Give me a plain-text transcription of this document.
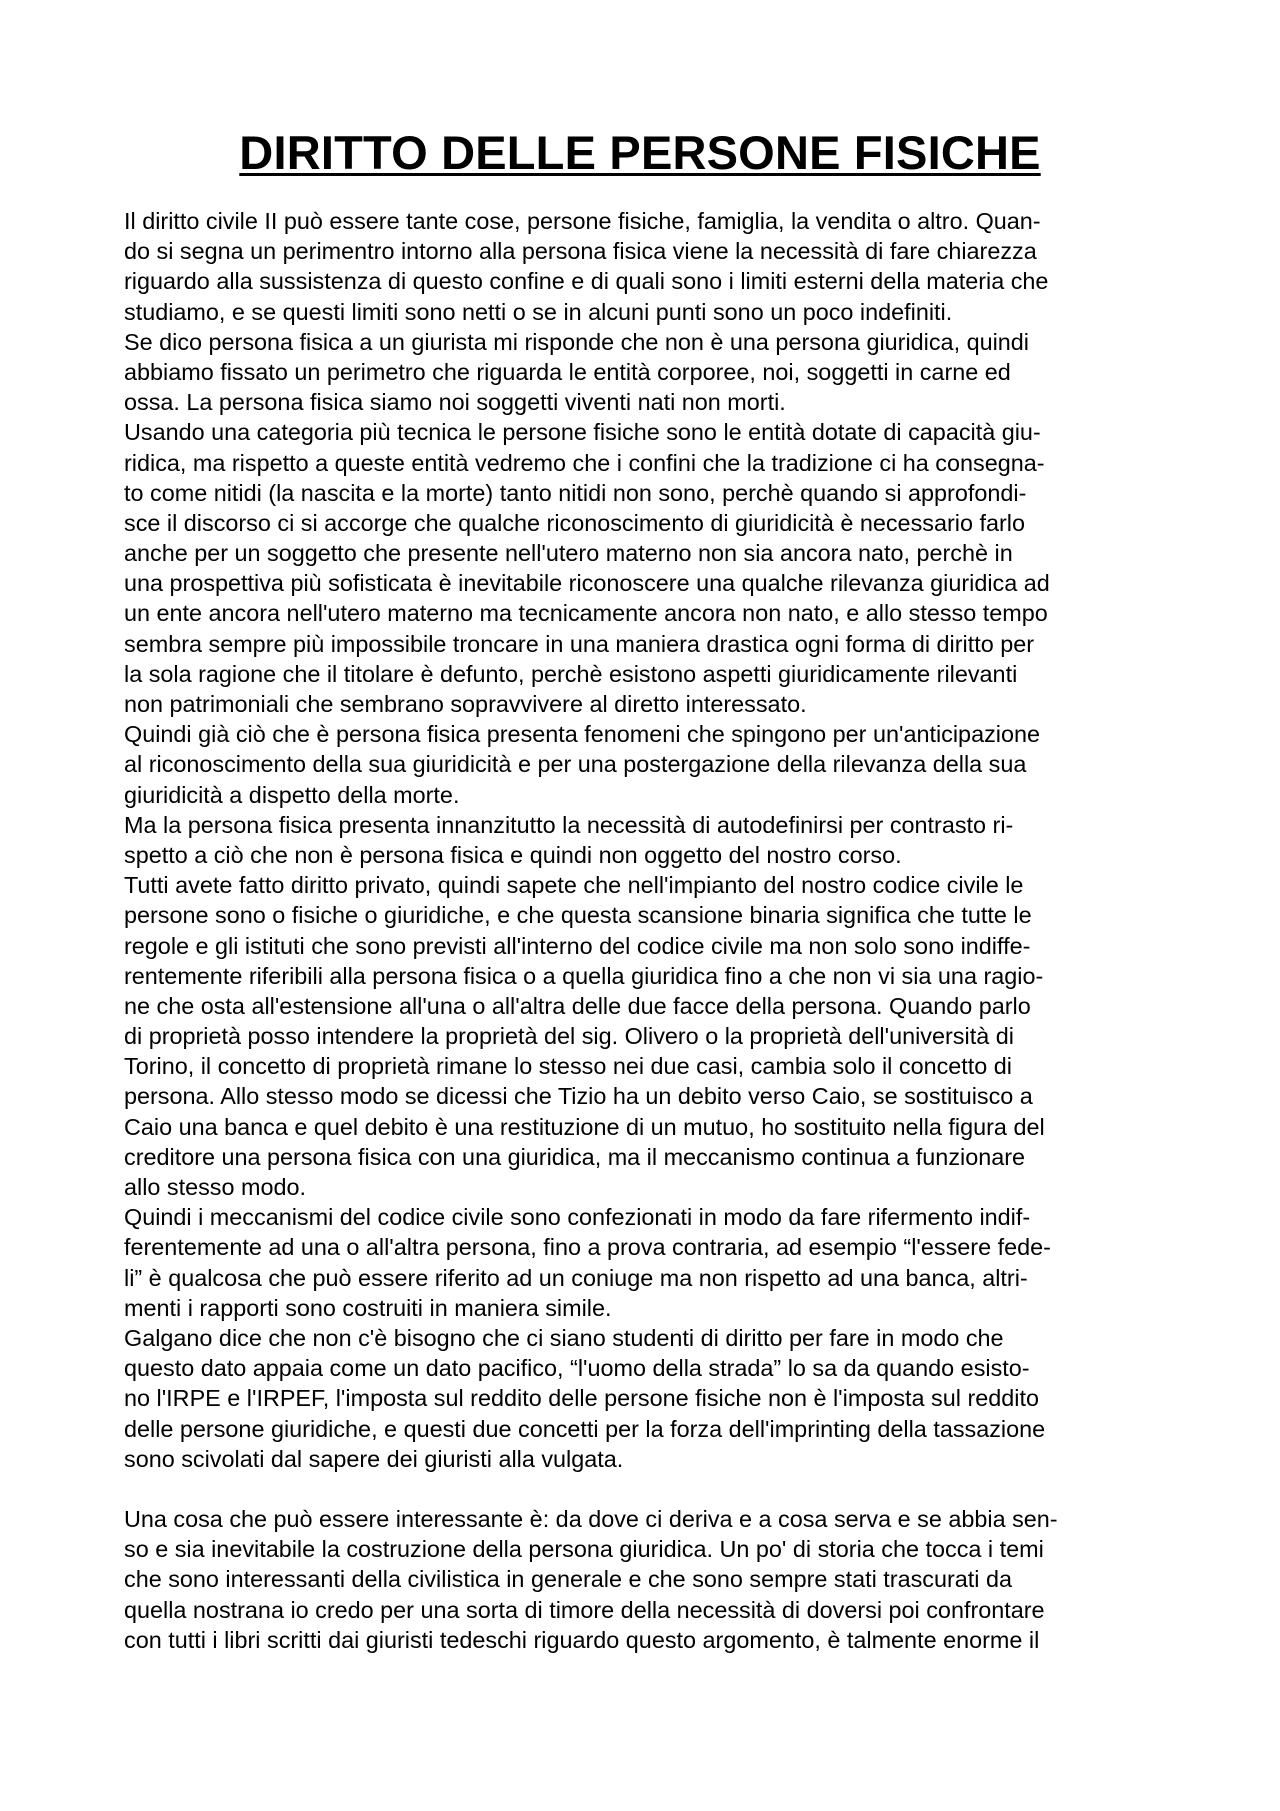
DIRITTO DELLE PERSONE FISICHE
Il diritto civile II può essere tante cose, persone fisiche, famiglia, la vendita o altro. Quan-
do si segna un perimentro intorno alla persona fisica viene la necessità di fare chiarezza
riguardo alla sussistenza di questo confine e di quali sono i limiti esterni della materia che
studiamo, e se questi limiti sono netti o se in alcuni punti sono un poco indefiniti.
Se dico persona fisica a un giurista mi risponde che non è una persona giuridica, quindi
abbiamo fissato un perimetro che riguarda le entità corporee, noi, soggetti in carne ed
ossa. La persona fisica siamo noi soggetti viventi nati non morti.
Usando una categoria più tecnica le persone fisiche sono le entità dotate di capacità giu-
ridica, ma rispetto a queste entità vedremo che i confini che la tradizione ci ha consegna-
to come nitidi (la nascita e la morte) tanto nitidi non sono, perchè quando si approfondi-
sce il discorso ci si accorge che qualche riconoscimento di giuridicità è necessario farlo
anche per un soggetto che presente nell'utero materno non sia ancora nato, perchè in
una prospettiva più sofisticata è inevitabile riconoscere una qualche rilevanza giuridica ad
un ente ancora nell'utero materno ma tecnicamente ancora non nato, e allo stesso tempo
sembra sempre più impossibile troncare in una maniera drastica ogni forma di diritto per
la sola ragione che il titolare è defunto, perchè esistono aspetti giuridicamente rilevanti
non patrimoniali che sembrano sopravvivere al diretto interessato.
Quindi già ciò che è persona fisica presenta fenomeni che spingono per un'anticipazione
al riconoscimento della sua giuridicità e per una postergazione della rilevanza della sua
giuridicità a dispetto della morte.
Ma la persona fisica presenta innanzitutto la necessità di autodefinirsi per contrasto ri-
spetto a ciò che non è persona fisica e quindi non oggetto del nostro corso.
Tutti avete fatto diritto privato, quindi sapete che nell'impianto del nostro codice civile le
persone sono o fisiche o giuridiche, e che questa scansione binaria significa che tutte le
regole e gli istituti che sono previsti all'interno del codice civile ma non solo sono indiffe-
rentemente riferibili alla persona fisica o a quella giuridica fino a che non vi sia una ragio-
ne che osta all'estensione all'una o all'altra delle due facce della persona. Quando parlo
di proprietà posso intendere la proprietà del sig. Olivero o la proprietà dell'università di
Torino, il concetto di proprietà rimane lo stesso nei due casi, cambia solo il concetto di
persona. Allo stesso modo se dicessi che Tizio ha un debito verso Caio, se sostituisco a
Caio una banca e quel debito è una restituzione di un mutuo, ho sostituito nella figura del
creditore una persona fisica con una giuridica, ma il meccanismo continua a funzionare
allo stesso modo.
Quindi i meccanismi del codice civile sono confezionati in modo da fare rifermento indif-
ferentemente ad una o all'altra persona, fino a prova contraria, ad esempio “l'essere fede-
li” è qualcosa che può essere riferito ad un coniuge ma non rispetto ad una banca, altri-
menti i rapporti sono costruiti in maniera simile.
Galgano dice che non c'è bisogno che ci siano studenti di diritto per fare in modo che
questo dato appaia come un dato pacifico, “l'uomo della strada” lo sa da quando esisto-
no l'IRPE e l'IRPEF, l'imposta sul reddito delle persone fisiche non è l'imposta sul reddito
delle persone giuridiche, e questi due concetti per la forza dell'imprinting della tassazione
sono scivolati dal sapere dei giuristi alla vulgata.
Una cosa che può essere interessante è: da dove ci deriva e a cosa serva e se abbia sen-
so e sia inevitabile la costruzione della persona giuridica. Un po' di storia che tocca i temi
che sono interessanti della civilistica in generale e che sono sempre stati trascurati da
quella nostrana io credo per una sorta di timore della necessità di doversi poi confrontare
con tutti i libri scritti dai giuristi tedeschi riguardo questo argomento, è talmente enorme il
